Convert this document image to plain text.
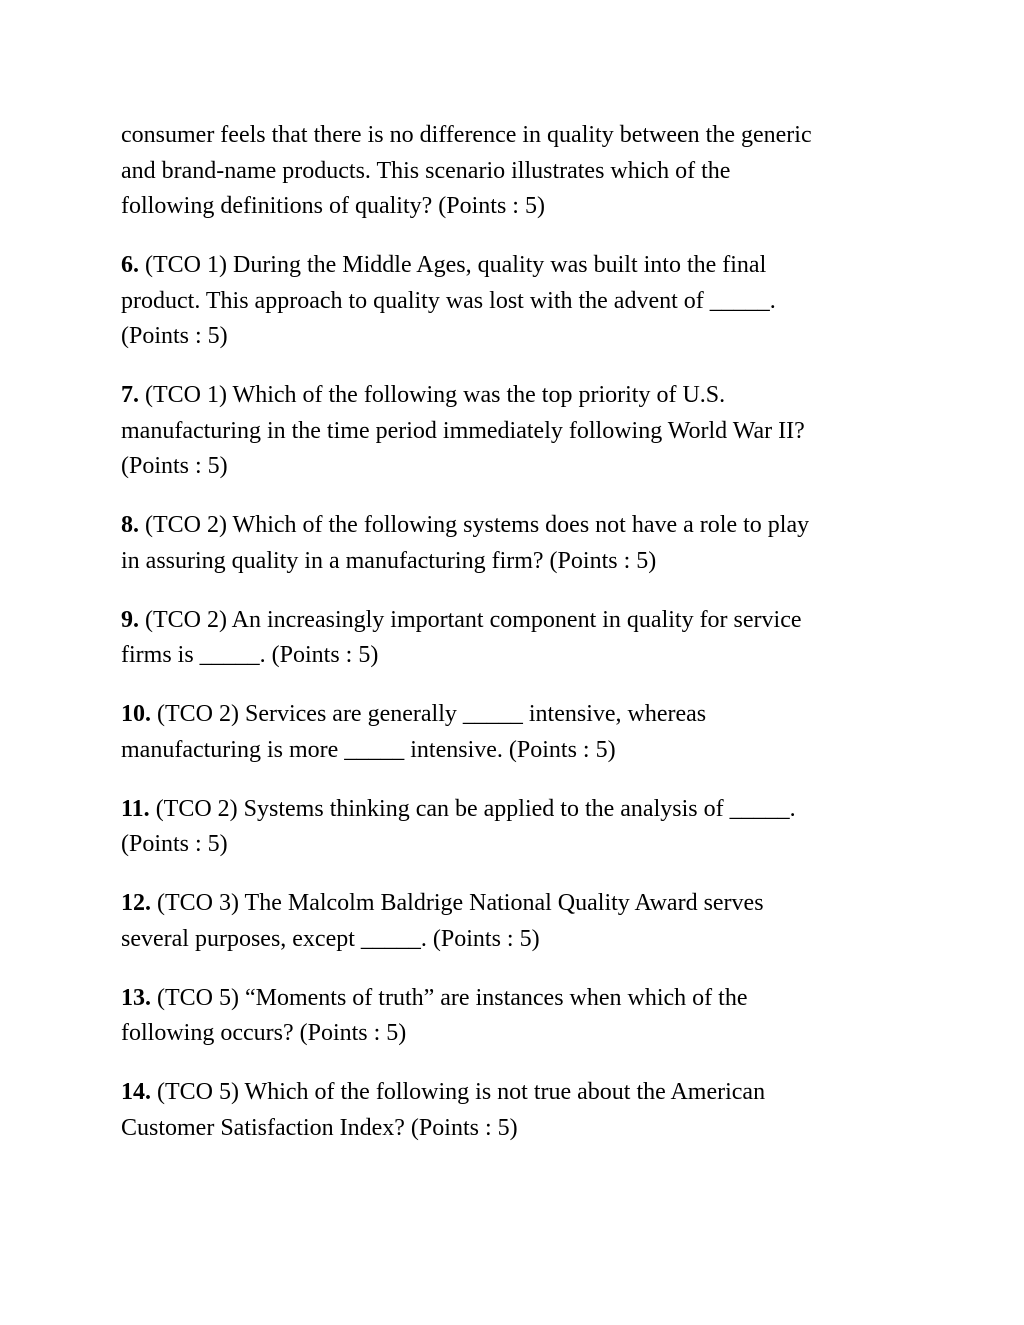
consumer feels that there is no difference in quality between the generic
and brand-name products. This scenario illustrates which of the
following definitions of quality? (Points : 5)

6. (TCO 1) During the Middle Ages, quality was built into the final
product. This approach to quality was lost with the advent of _____.
(Points : 5)

7. (TCO 1) Which of the following was the top priority of U.S.
manufacturing in the time period immediately following World War II?
(Points : 5)

8. (TCO 2) Which of the following systems does not have a role to play
in assuring quality in a manufacturing firm? (Points : 5)

9. (TCO 2) An increasingly important component in quality for service
firms is _____. (Points : 5)

10. (TCO 2) Services are generally _____ intensive, whereas
manufacturing is more _____ intensive. (Points : 5)

11. (TCO 2) Systems thinking can be applied to the analysis of _____.
(Points : 5)

12. (TCO 3) The Malcolm Baldrige National Quality Award serves
several purposes, except _____. (Points : 5)

13. (TCO 5) “Moments of truth” are instances when which of the
following occurs? (Points : 5)

14. (TCO 5) Which of the following is not true about the American
Customer Satisfaction Index? (Points : 5)
